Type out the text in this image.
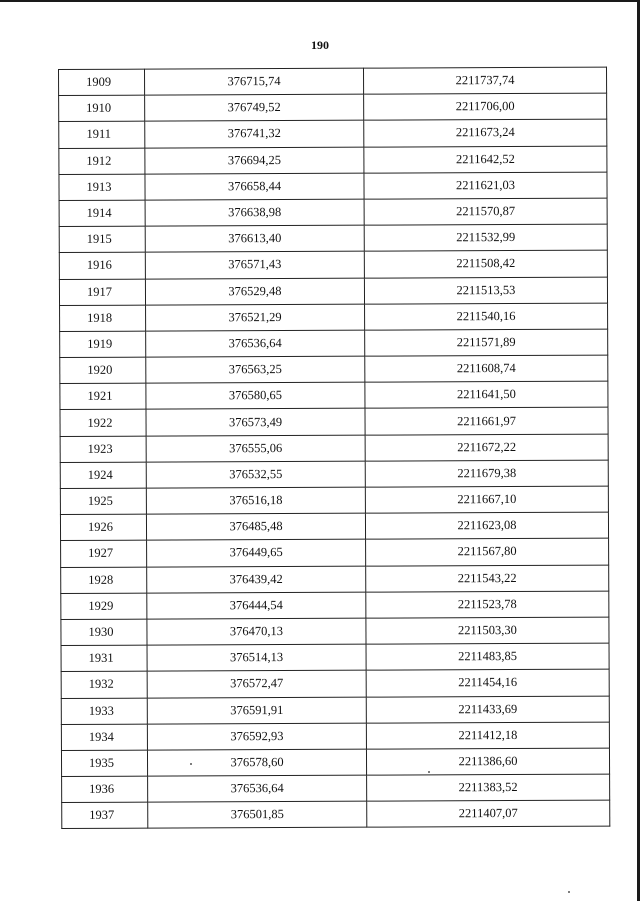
190
1909	376715,74	2211737,74
1910	376749,52	2211706,00
1911	376741,32	2211673,24
1912	376694,25	2211642,52
1913	376658,44	2211621,03
1914	376638,98	2211570,87
1915	376613,40	2211532,99
1916	376571,43	2211508,42
1917	376529,48	2211513,53
1918	376521,29	2211540,16
1919	376536,64	2211571,89
1920	376563,25	2211608,74
1921	376580,65	2211641,50
1922	376573,49	2211661,97
1923	376555,06	2211672,22
1924	376532,55	2211679,38
1925	376516,18	2211667,10
1926	376485,48	2211623,08
1927	376449,65	2211567,80
1928	376439,42	2211543,22
1929	376444,54	2211523,78
1930	376470,13	2211503,30
1931	376514,13	2211483,85
1932	376572,47	2211454,16
1933	376591,91	2211433,69
1934	376592,93	2211412,18
1935	376578,60	2211386,60
1936	376536,64	2211383,52
1937	376501,85	2211407,07
